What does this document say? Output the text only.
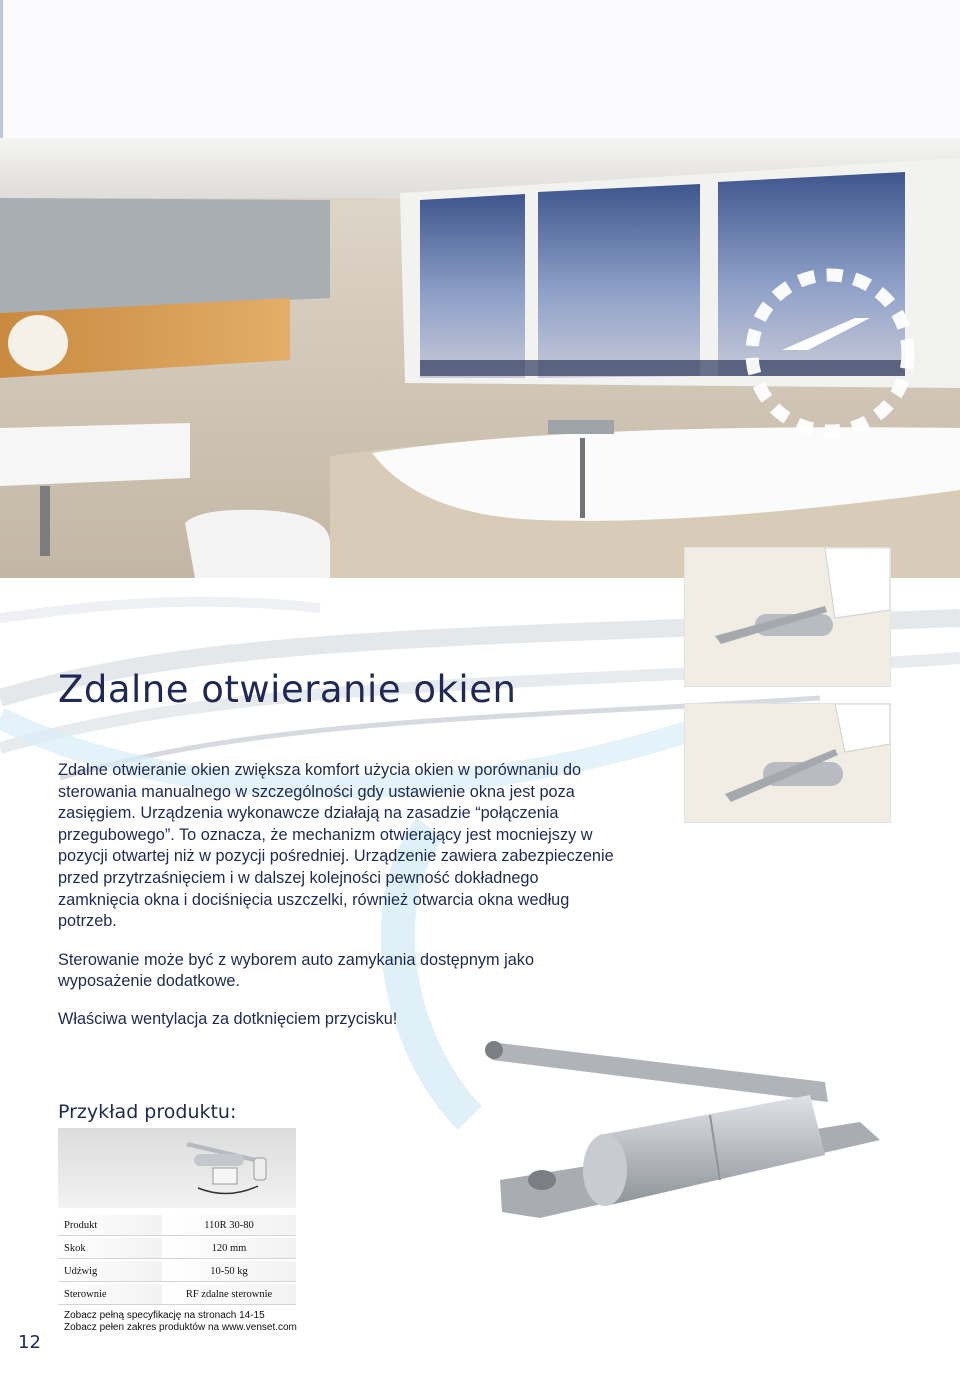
Zdalne otwieranie okien

Zdalne otwieranie okien zwiększa komfort użycia okien w porównaniu do sterowania manualnego w szczególności gdy ustawienie okna jest poza zasięgiem. Urządzenia wykonawcze działają na zasadzie “połączenia przegubowego”. To oznacza, że mechanizm otwierający jest mocniejszy w pozycji otwartej niż w pozycji pośredniej. Urządzenie zawiera zabezpieczenie przed przytrzaśnięciem i w dalszej kolejności pewność dokładnego zamknięcia okna i dociśnięcia uszczelki, również otwarcia okna według potrzeb.

Sterowanie może być z wyborem auto zamykania dostępnym jako wyposażenie dodatkowe.

Właściwa wentylacja za dotknięciem przycisku!

Przykład produktu:
Produkt	110R 30-80
Skok	120 mm
Udźwig	10-50 kg
Sterownie	RF zdalne sterownie
Zobacz pełną specyfikację na stronach 14-15
Zobacz pełen zakres produktów na www.venset.com
12
